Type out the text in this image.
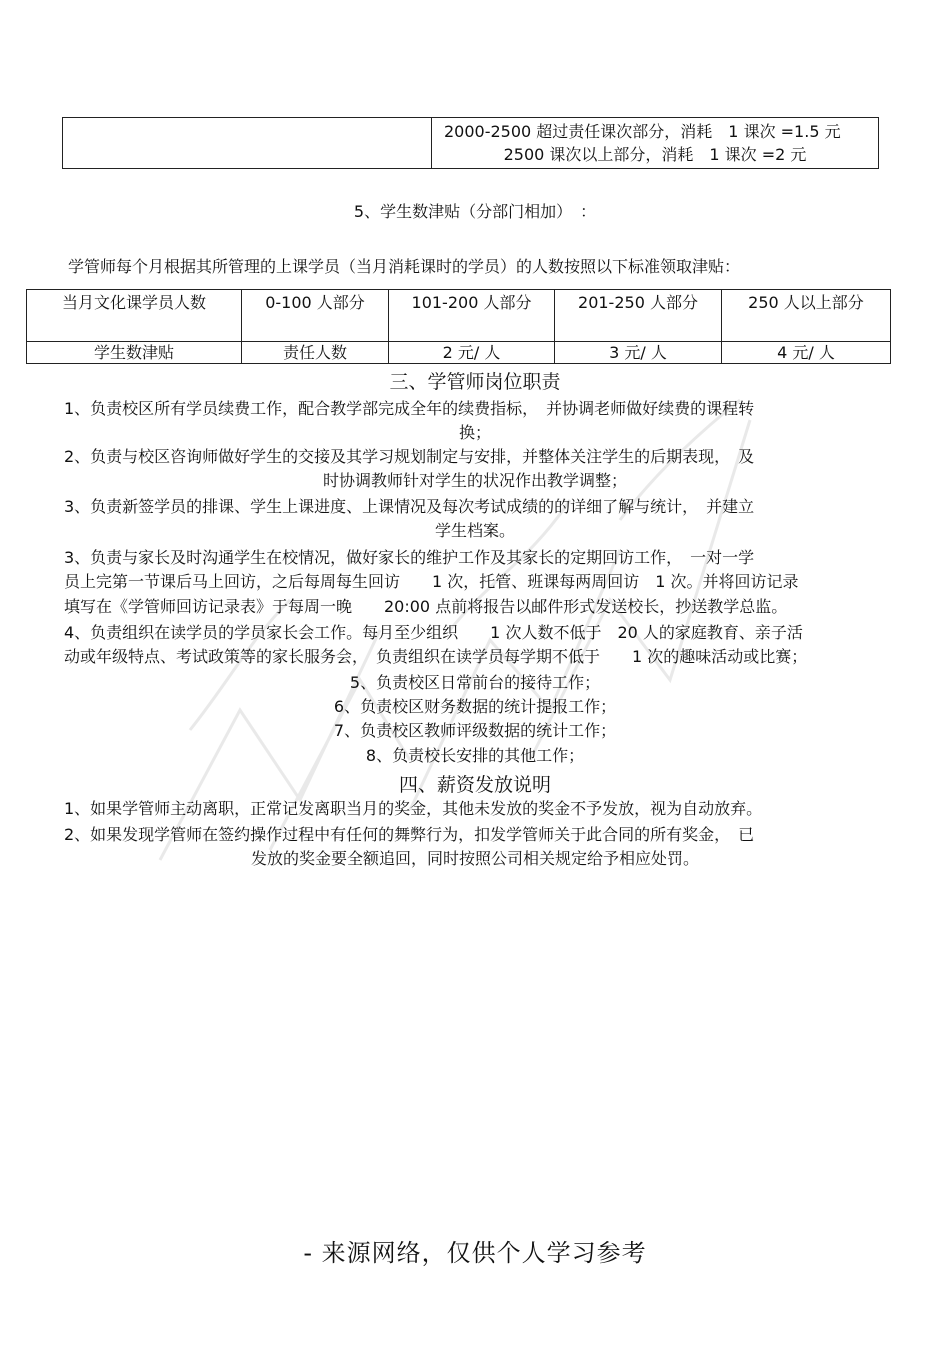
2000-2500 超过责任课次部分，消耗　1 课次 =1.5 元
2500 课次以上部分，消耗　1 课次 =2 元
5、学生数津贴（分部门相加）　：
学管师每个月根据其所管理的上课学员（当月消耗课时的学员）的人数按照以下标准领取津贴：
当月文化课学员人数	0-100 人部分	101-200 人部分	201-250 人部分	250 人以上部分
学生数津贴	责任人数	2 元/ 人	3 元/ 人	4 元/ 人
三、学管师岗位职责
1、负责校区所有学员续费工作，配合教学部完成全年的续费指标，　并协调老师做好续费的课程转
换；
2、负责与校区咨询师做好学生的交接及其学习规划制定与安排，并整体关注学生的后期表现，　及
时协调教师针对学生的状况作出教学调整；
3、负责新签学员的排课、学生上课进度、上课情况及每次考试成绩的的详细了解与统计，　并建立
学生档案。
3、负责与家长及时沟通学生在校情况，做好家长的维护工作及其家长的定期回访工作，　一对一学
员上完第一节课后马上回访，之后每周每生回访　　1 次，托管、班课每两周回访　1 次。并将回访记录
填写在《学管师回访记录表》于每周一晚　　20:00 点前将报告以邮件形式发送校长，抄送教学总监。
4、负责组织在读学员的学员家长会工作。每月至少组织　　1 次人数不低于　20 人的家庭教育、亲子活
动或年级特点、考试政策等的家长服务会，　负责组织在读学员每学期不低于　　1 次的趣味活动或比赛；
5、负责校区日常前台的接待工作；
6、负责校区财务数据的统计提报工作；
7、负责校区教师评级数据的统计工作；
8、负责校长安排的其他工作；
四、薪资发放说明
1、如果学管师主动离职，正常记发离职当月的奖金，其他未发放的奖金不予发放，视为自动放弃。
2、如果发现学管师在签约操作过程中有任何的舞弊行为，扣发学管师关于此合同的所有奖金，　已
发放的奖金要全额追回，同时按照公司相关规定给予相应处罚。
- 来源网络，仅供个人学习参考
